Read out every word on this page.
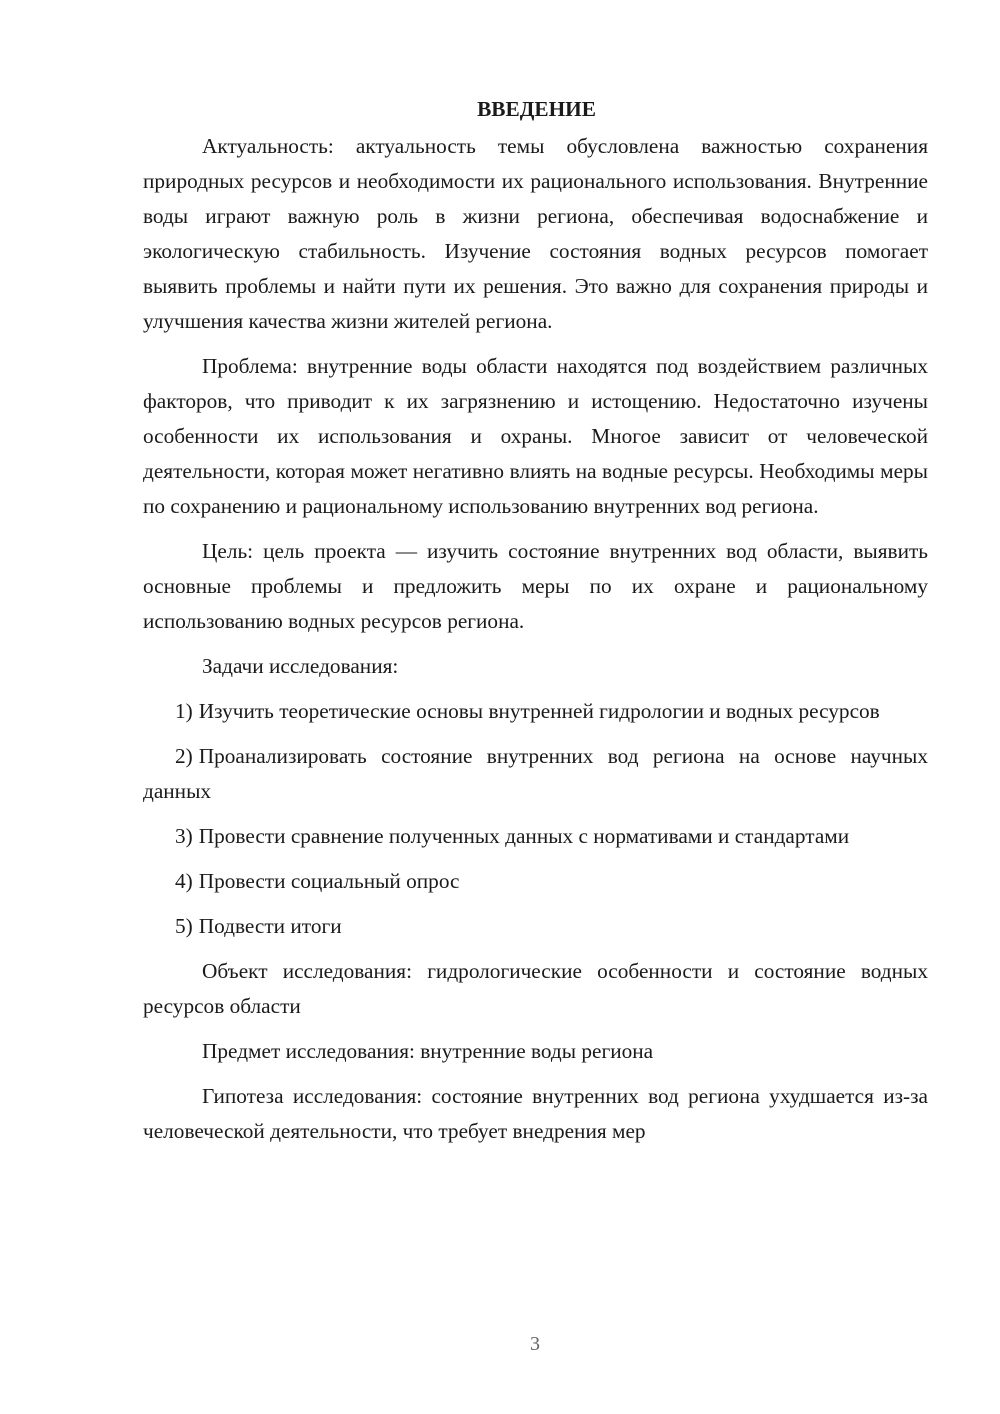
ВВЕДЕНИЕ

Актуальность: актуальность темы обусловлена важностью сохранения природных ресурсов и необходимости их рационального использования. Внутренние воды играют важную роль в жизни региона, обеспечивая водоснабжение и экологическую стабильность. Изучение состояния водных ресурсов помогает выявить проблемы и найти пути их решения. Это важно для сохранения природы и улучшения качества жизни жителей региона.

Проблема: внутренние воды области находятся под воздействием различных факторов, что приводит к их загрязнению и истощению. Недостаточно изучены особенности их использования и охраны. Многое зависит от человеческой деятельности, которая может негативно влиять на водные ресурсы. Необходимы меры по сохранению и рациональному использованию внутренних вод региона.

Цель: цель проекта — изучить состояние внутренних вод области, выявить основные проблемы и предложить меры по их охране и рациональному использованию водных ресурсов региона.

Задачи исследования:

1) Изучить теоретические основы внутренней гидрологии и водных ресурсов

2) Проанализировать состояние внутренних вод региона на основе научных данных

3) Провести сравнение полученных данных с нормативами и стандартами

4) Провести социальный опрос

5) Подвести итоги

Объект исследования: гидрологические особенности и состояние водных ресурсов области

Предмет исследования: внутренние воды региона

Гипотеза исследования: состояние внутренних вод региона ухудшается из-за человеческой деятельности, что требует внедрения мер

3
